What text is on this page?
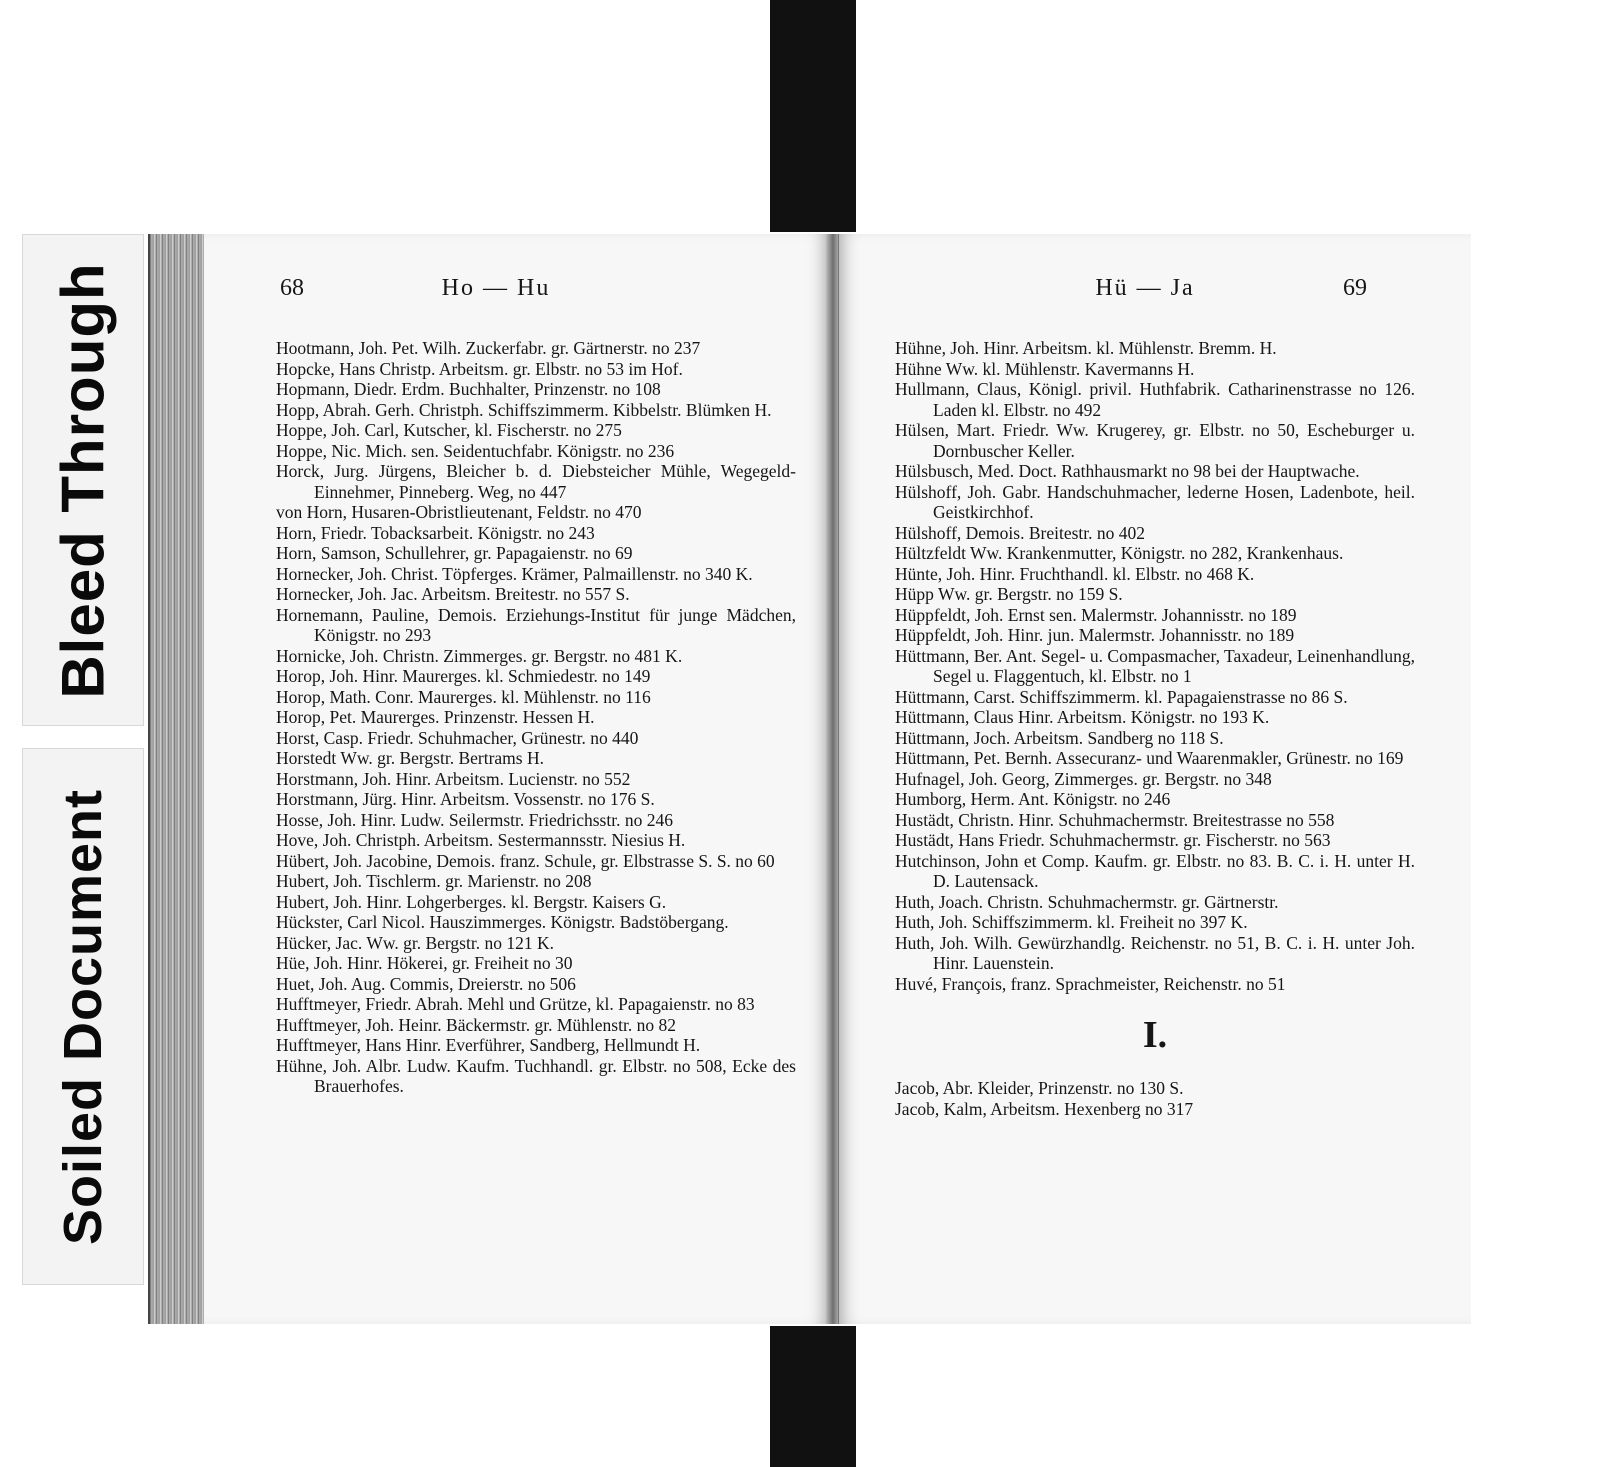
Bleed Through
Soiled Document
68	Ho — Hu

Hootmann, Joh. Pet. Wilh. Zuckerfabr. gr. Gärtnerstr. no 237

Hopcke, Hans Christp. Arbeitsm. gr. Elbstr. no 53 im Hof.

Hopmann, Diedr. Erdm. Buchhalter, Prinzenstr. no 108

Hopp, Abrah. Gerh. Christph. Schiffszimmerm. Kibbelstr. Blümken H.

Hoppe, Joh. Carl, Kutscher, kl. Fischerstr. no 275

Hoppe, Nic. Mich. sen. Seidentuchfabr. Königstr. no 236

Horck, Jurg. Jürgens, Bleicher b. d. Diebsteicher Mühle, Wegegeld-Einnehmer, Pinneberg. Weg, no 447

von Horn, Husaren-Obristlieutenant, Feldstr. no 470

Horn, Friedr. Tobacksarbeit. Königstr. no 243

Horn, Samson, Schullehrer, gr. Papagaienstr. no 69

Hornecker, Joh. Christ. Töpferges. Krämer, Palmaillenstr. no 340 K.

Hornecker, Joh. Jac. Arbeitsm. Breitestr. no 557 S.

Hornemann, Pauline, Demois. Erziehungs-Institut für junge Mädchen, Königstr. no 293

Hornicke, Joh. Christn. Zimmerges. gr. Bergstr. no 481 K.

Horop, Joh. Hinr. Maurerges. kl. Schmiedestr. no 149

Horop, Math. Conr. Maurerges. kl. Mühlenstr. no 116

Horop, Pet. Maurerges. Prinzenstr. Hessen H.

Horst, Casp. Friedr. Schuhmacher, Grünestr. no 440

Horstedt Ww. gr. Bergstr. Bertrams H.

Horstmann, Joh. Hinr. Arbeitsm. Lucienstr. no 552

Horstmann, Jürg. Hinr. Arbeitsm. Vossenstr. no 176 S.

Hosse, Joh. Hinr. Ludw. Seilermstr. Friedrichsstr. no 246

Hove, Joh. Christph. Arbeitsm. Sestermannsstr. Niesius H.

Hübert, Joh. Jacobine, Demois. franz. Schule, gr. Elbstrasse S. S. no 60

Hubert, Joh. Tischlerm. gr. Marienstr. no 208

Hubert, Joh. Hinr. Lohgerberges. kl. Bergstr. Kaisers G.

Hückster, Carl Nicol. Hauszimmerges. Königstr. Badstöbergang.

Hücker, Jac. Ww. gr. Bergstr. no 121 K.

Hüe, Joh. Hinr. Hökerei, gr. Freiheit no 30

Huet, Joh. Aug. Commis, Dreierstr. no 506

Hufftmeyer, Friedr. Abrah. Mehl und Grütze, kl. Papagaienstr. no 83

Hufftmeyer, Joh. Heinr. Bäckermstr. gr. Mühlenstr. no 82

Hufftmeyer, Hans Hinr. Everführer, Sandberg, Hellmundt H.

Hühne, Joh. Albr. Ludw. Kaufm. Tuchhandl. gr. Elbstr. no 508, Ecke des Brauerhofes.

Hü — Ja	69

Hühne, Joh. Hinr. Arbeitsm. kl. Mühlenstr. Bremm. H.

Hühne Ww. kl. Mühlenstr. Kavermanns H.

Hullmann, Claus, Königl. privil. Huthfabrik. Catharinenstrasse no 126. Laden kl. Elbstr. no 492

Hülsen, Mart. Friedr. Ww. Krugerey, gr. Elbstr. no 50, Escheburger u. Dornbuscher Keller.

Hülsbusch, Med. Doct. Rathhausmarkt no 98 bei der Hauptwache.

Hülshoff, Joh. Gabr. Handschuhmacher, lederne Hosen, Ladenbote, heil. Geistkirchhof.

Hülshoff, Demois. Breitestr. no 402

Hültzfeldt Ww. Krankenmutter, Königstr. no 282, Krankenhaus.

Hünte, Joh. Hinr. Fruchthandl. kl. Elbstr. no 468 K.

Hüpp Ww. gr. Bergstr. no 159 S.

Hüppfeldt, Joh. Ernst sen. Malermstr. Johannisstr. no 189

Hüppfeldt, Joh. Hinr. jun. Malermstr. Johannisstr. no 189

Hüttmann, Ber. Ant. Segel- u. Compasmacher, Taxadeur, Leinenhandlung, Segel u. Flaggentuch, kl. Elbstr. no 1

Hüttmann, Carst. Schiffszimmerm. kl. Papagaienstrasse no 86 S.

Hüttmann, Claus Hinr. Arbeitsm. Königstr. no 193 K.

Hüttmann, Joch. Arbeitsm. Sandberg no 118 S.

Hüttmann, Pet. Bernh. Assecuranz- und Waarenmakler, Grünestr. no 169

Hufnagel, Joh. Georg, Zimmerges. gr. Bergstr. no 348

Humborg, Herm. Ant. Königstr. no 246

Hustädt, Christn. Hinr. Schuhmachermstr. Breitestrasse no 558

Hustädt, Hans Friedr. Schuhmachermstr. gr. Fischerstr. no 563

Hutchinson, John et Comp. Kaufm. gr. Elbstr. no 83. B. C. i. H. unter H. D. Lautensack.

Huth, Joach. Christn. Schuhmachermstr. gr. Gärtnerstr.

Huth, Joh. Schiffszimmerm. kl. Freiheit no 397 K.

Huth, Joh. Wilh. Gewürzhandlg. Reichenstr. no 51, B. C. i. H. unter Joh. Hinr. Lauenstein.

Huvé, François, franz. Sprachmeister, Reichenstr. no 51

I.

Jacob, Abr. Kleider, Prinzenstr. no 130 S.

Jacob, Kalm, Arbeitsm. Hexenberg no 317
